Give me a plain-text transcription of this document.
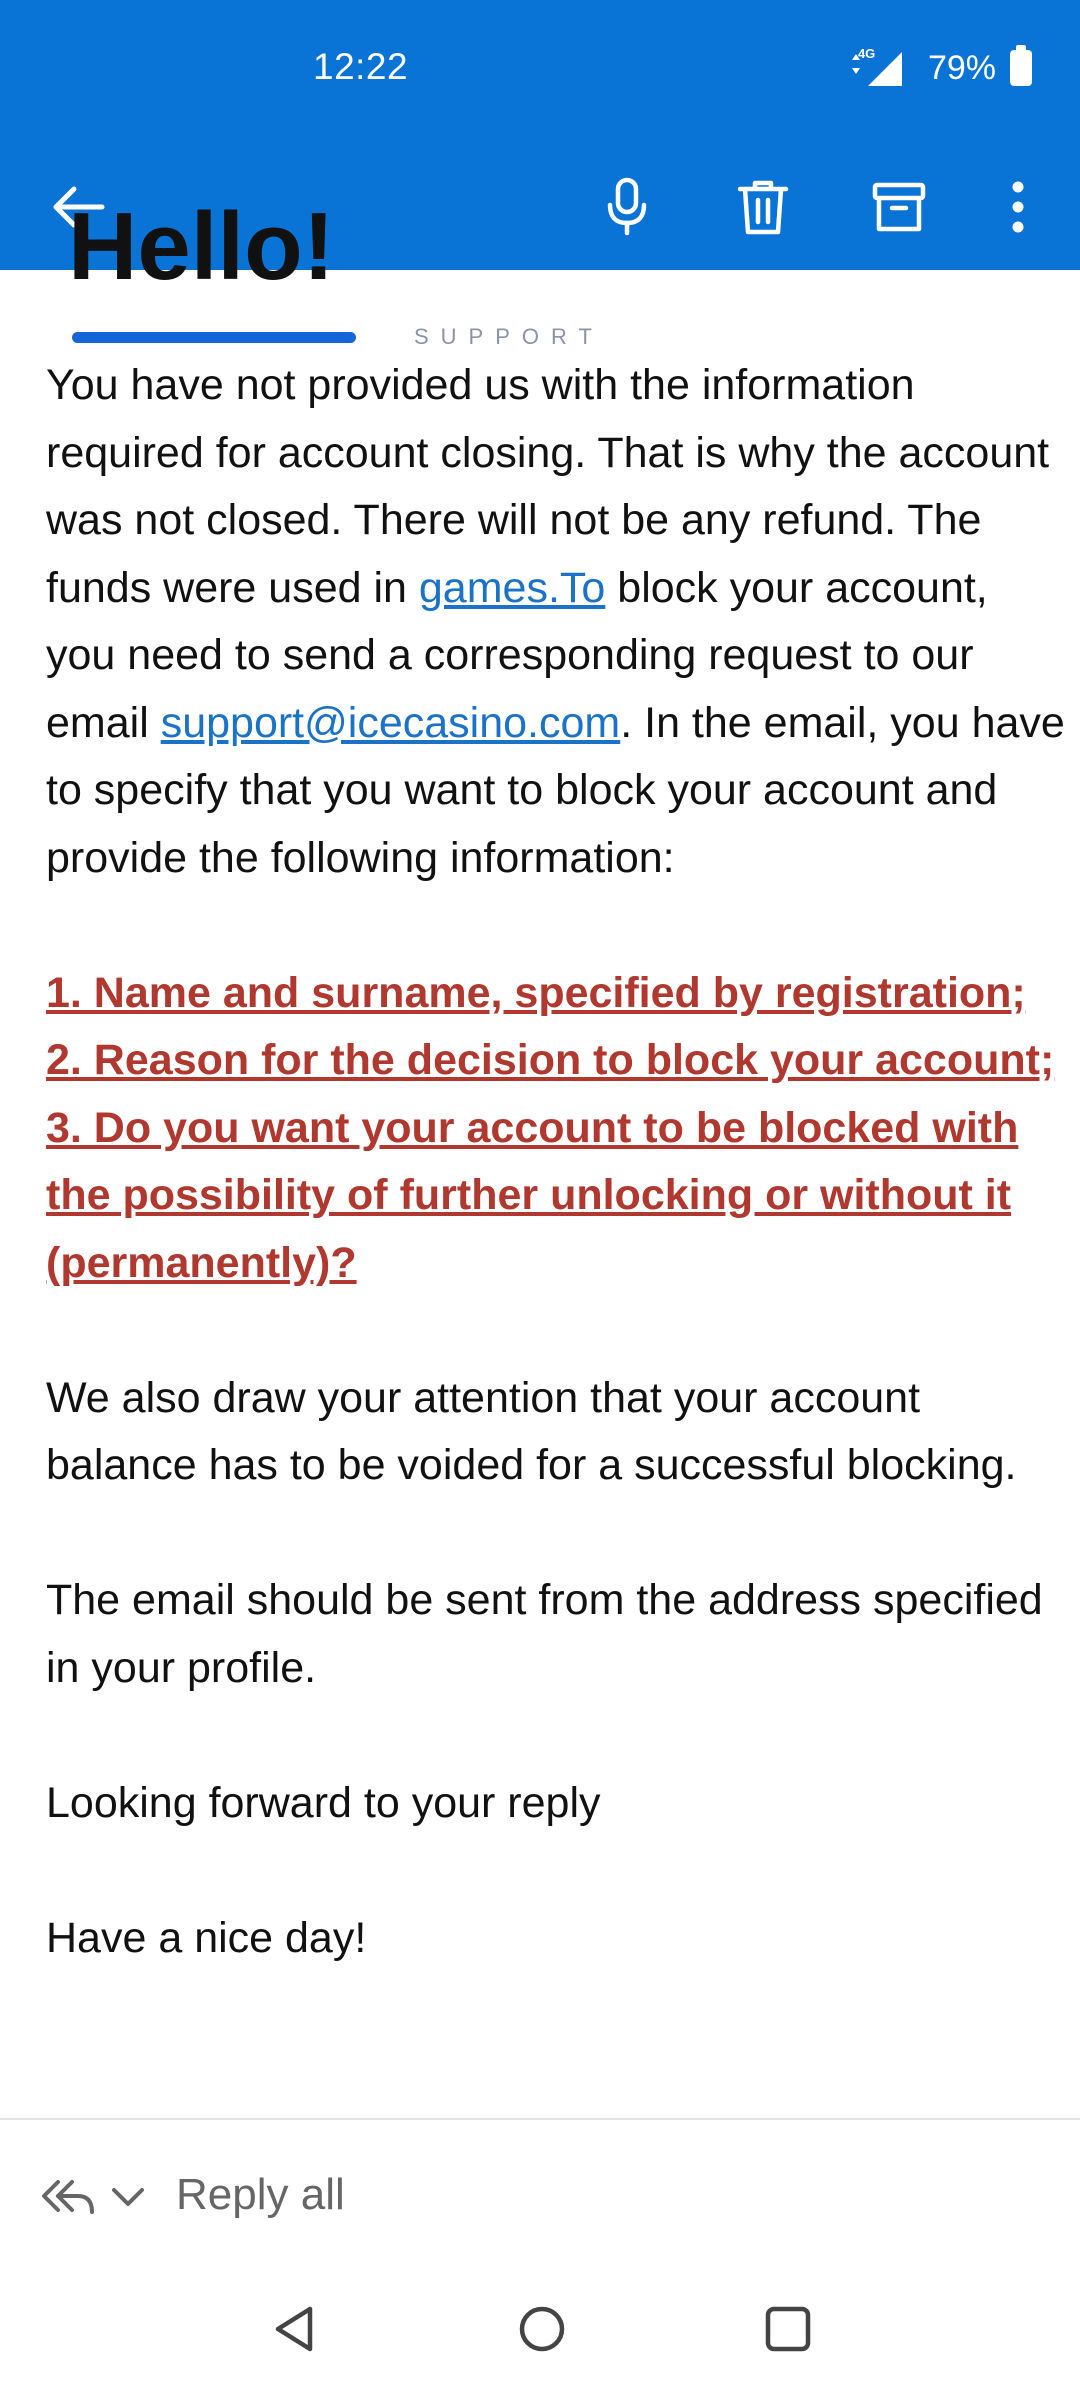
12:22	4G 79%
Hello!
SUPPORT

You have not provided us with the information required for account closing. That is why the account was not closed. There will not be any refund. The funds were used in games.To block your account, you need to send a corresponding request to our email support@icecasino.com. In the email, you have to specify that you want to block your account and provide the following information:

1. Name and surname, specified by registration;
2. Reason for the decision to block your account;
3. Do you want your account to be blocked with the possibility of further unlocking or without it (permanently)?

We also draw your attention that your account balance has to be voided for a successful blocking.

The email should be sent from the address specified in your profile.

Looking forward to your reply

Have a nice day!

Reply all
